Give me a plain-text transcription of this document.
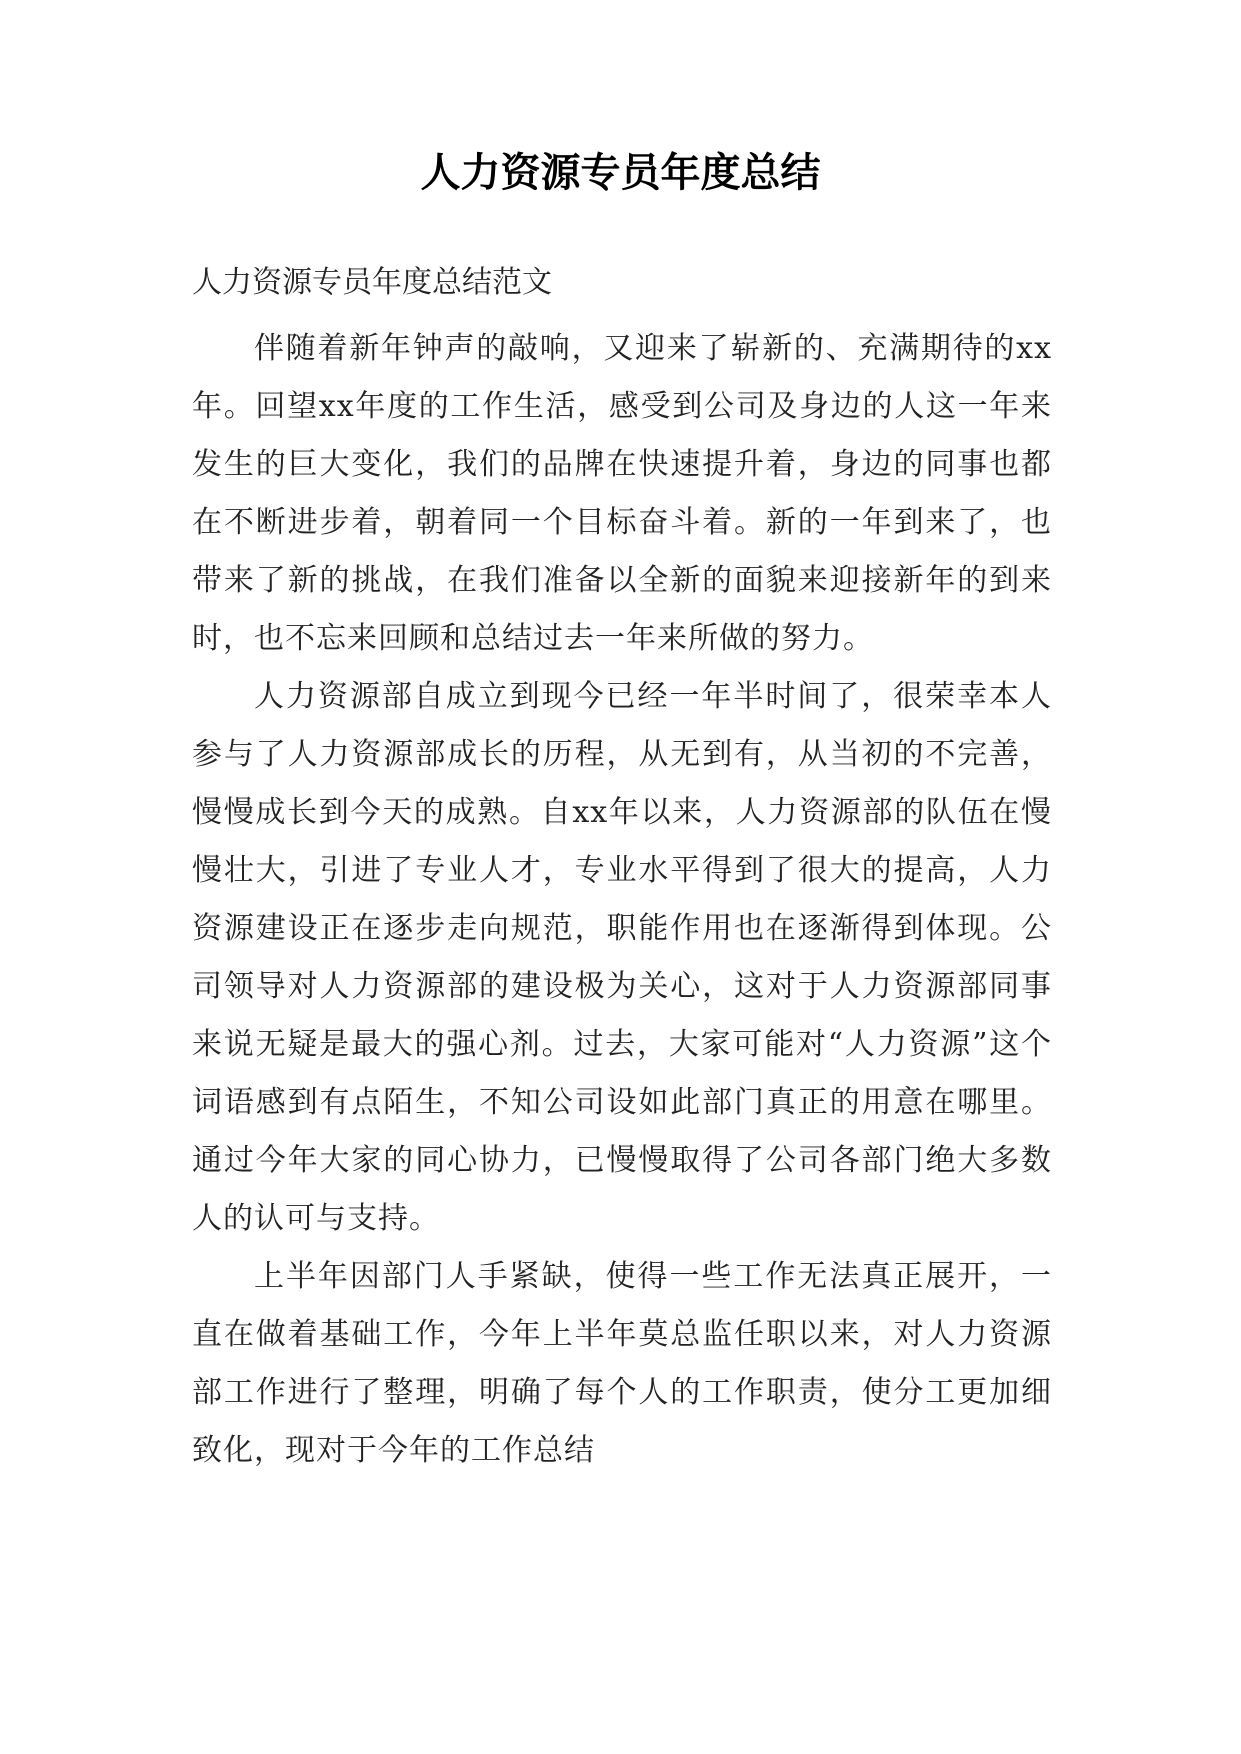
人力资源专员年度总结

人力资源专员年度总结范文

伴随着新年钟声的敲响，又迎来了崭新的、充满期待的xx年。回望xx年度的工作生活，感受到公司及身边的人这一年来发生的巨大变化，我们的品牌在快速提升着，身边的同事也都在不断进步着，朝着同一个目标奋斗着。新的一年到来了，也带来了新的挑战，在我们准备以全新的面貌来迎接新年的到来时，也不忘来回顾和总结过去一年来所做的努力。

人力资源部自成立到现今已经一年半时间了，很荣幸本人参与了人力资源部成长的历程，从无到有，从当初的不完善，慢慢成长到今天的成熟。自xx年以来，人力资源部的队伍在慢慢壮大，引进了专业人才，专业水平得到了很大的提高，人力资源建设正在逐步走向规范，职能作用也在逐渐得到体现。公司领导对人力资源部的建设极为关心，这对于人力资源部同事来说无疑是最大的强心剂。过去，大家可能对“人力资源”这个词语感到有点陌生，不知公司设如此部门真正的用意在哪里。通过今年大家的同心协力，已慢慢取得了公司各部门绝大多数人的认可与支持。

上半年因部门人手紧缺，使得一些工作无法真正展开，一直在做着基础工作，今年上半年莫总监任职以来，对人力资源部工作进行了整理，明确了每个人的工作职责，使分工更加细致化，现对于今年的工作总结
